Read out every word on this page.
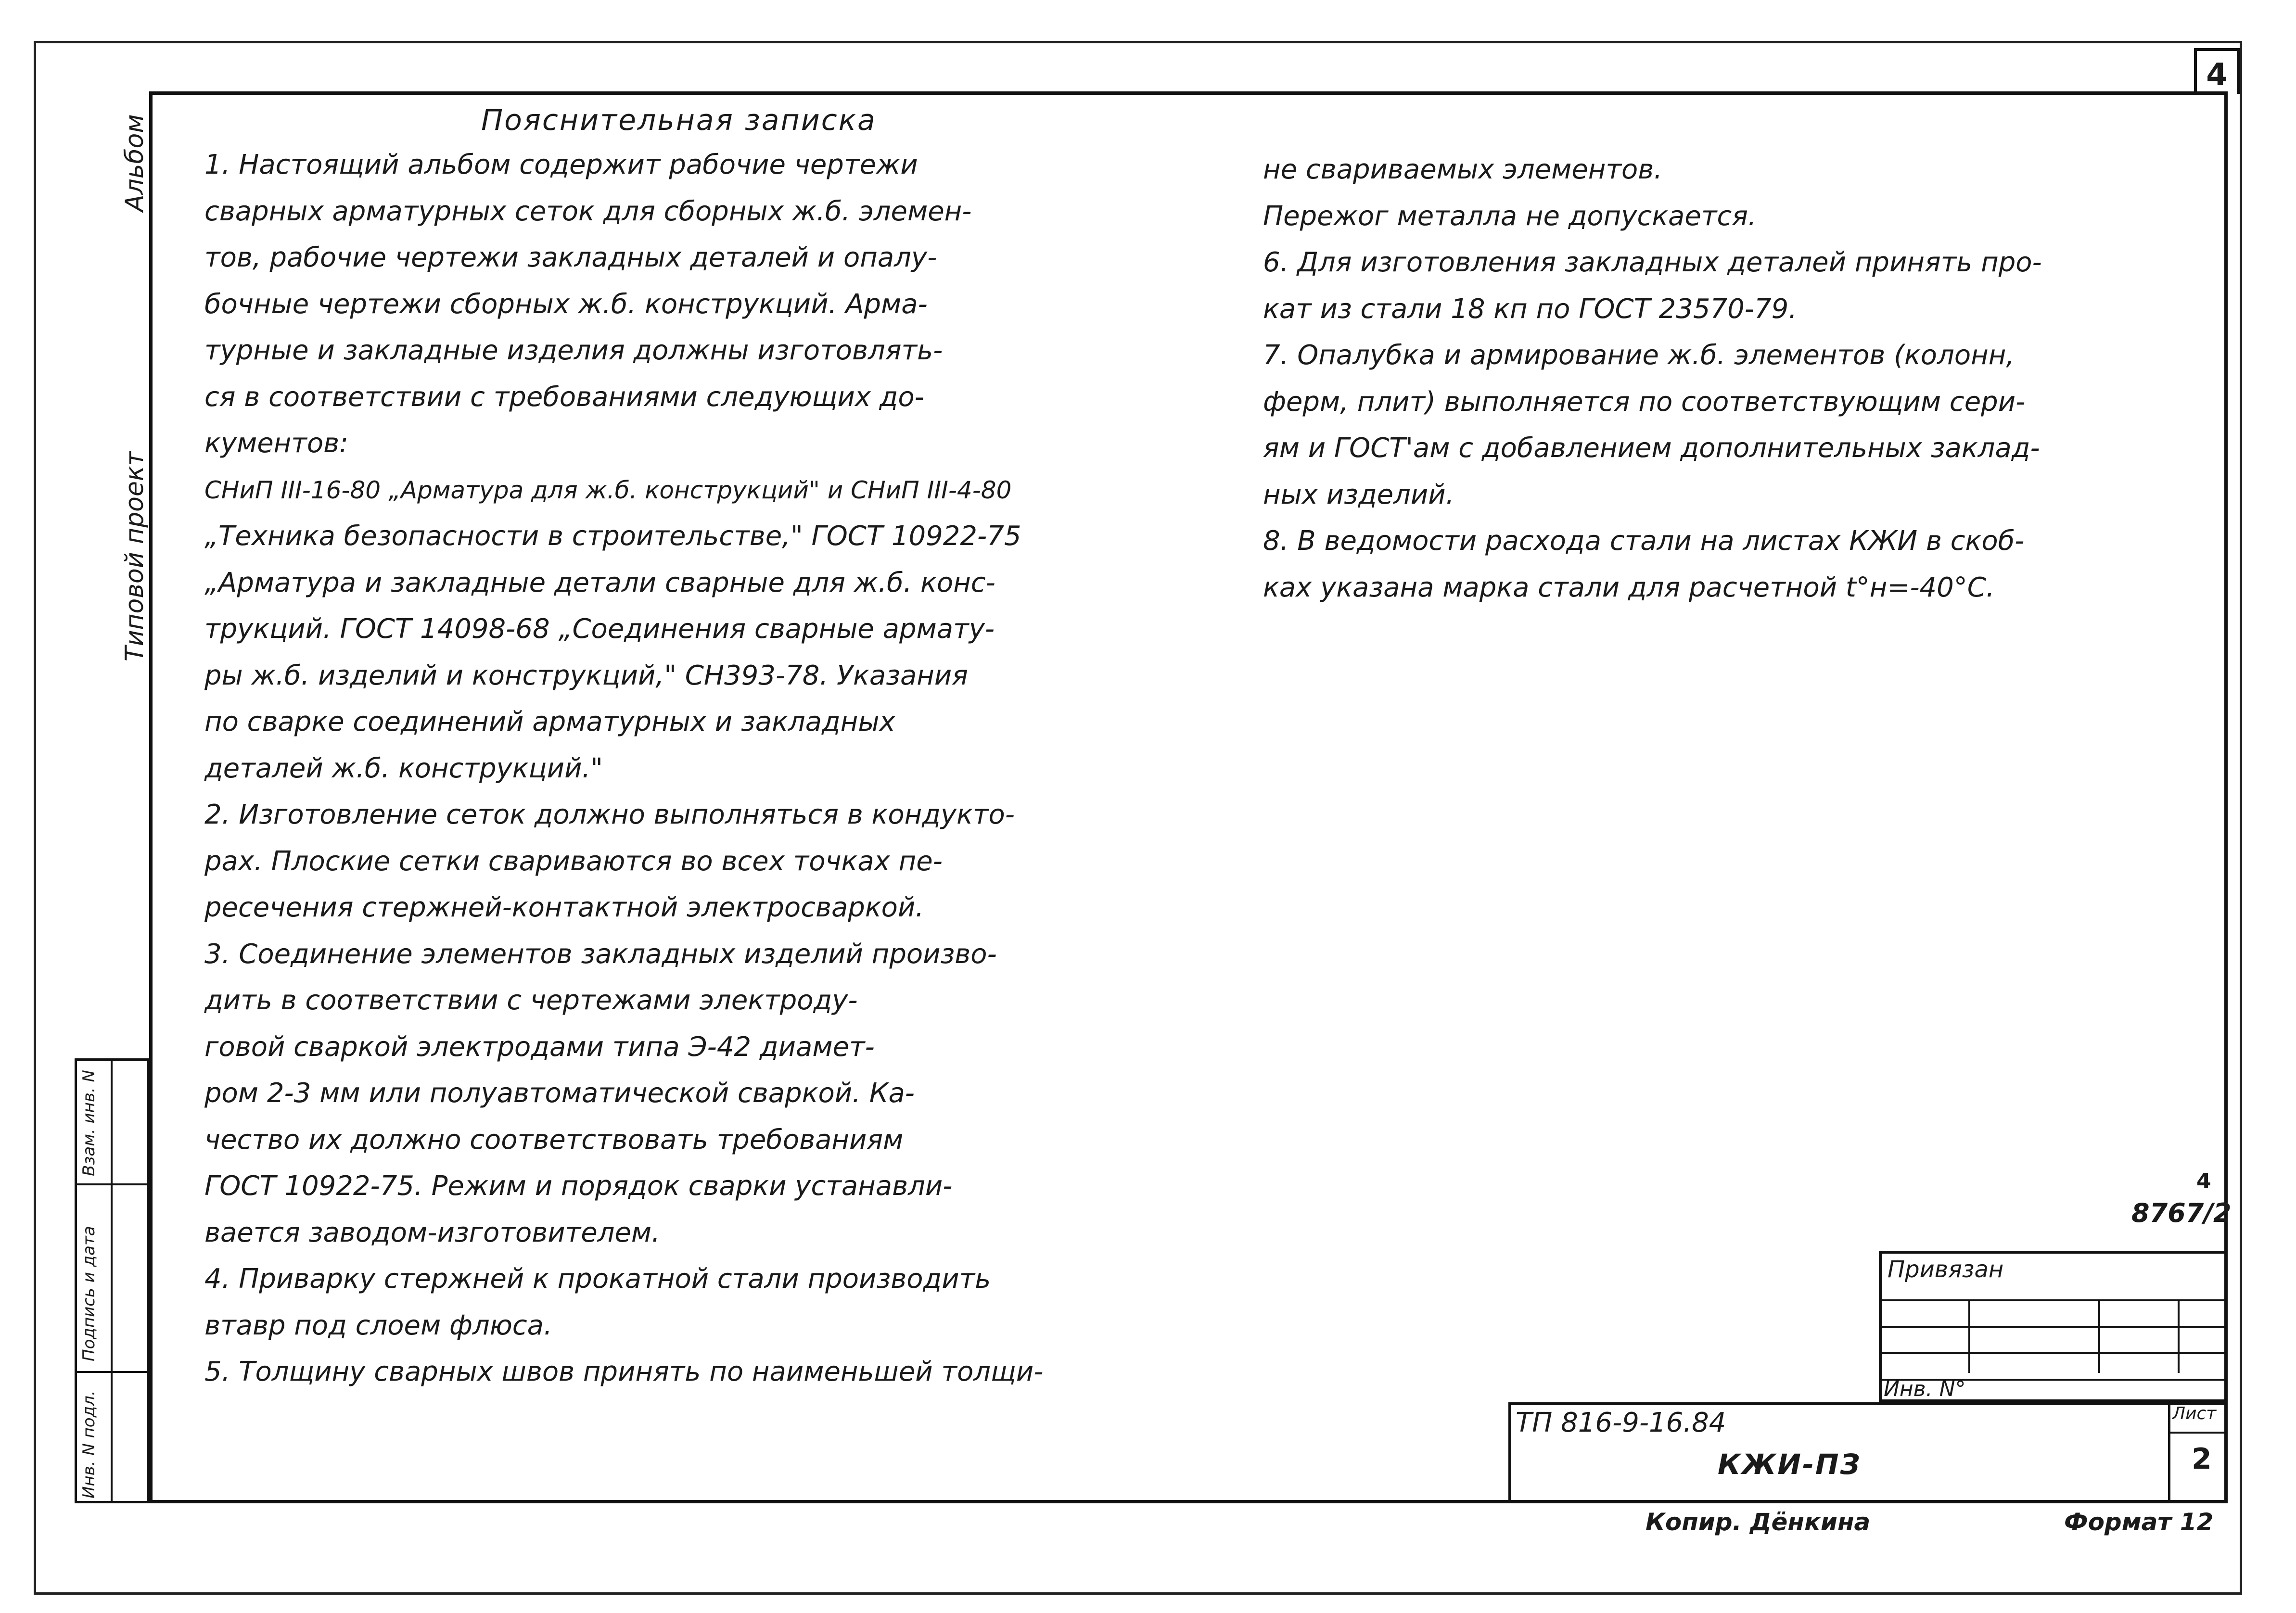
4
Альбом
Типовой проект
Взам. инв. N
Подпись и дата
Инв. N подл.
Пояснительная записка
1. Настоящий альбом содержит рабочие чертежи
сварных арматурных сеток для сборных ж.б. элемен-
тов, рабочие чертежи закладных деталей и опалу-
бочные чертежи сборных ж.б. конструкций. Арма-
турные и закладные изделия должны изготовлять-
ся в соответствии с требованиями следующих до-
кументов:
СНиП III-16-80 „Арматура для ж.б. конструкций" и СНиП III-4-80
„Техника безопасности в строительстве," ГОСТ 10922-75
„Арматура и закладные детали сварные для ж.б. конс-
трукций. ГОСТ 14098-68 „Соединения сварные армату-
ры ж.б. изделий и конструкций," СН393-78. Указания
по сварке соединений арматурных и закладных
деталей ж.б. конструкций."
2. Изготовление сеток должно выполняться в кондукто-
рах. Плоские сетки свариваются во всех точках пе-
ресечения стержней-контактной электросваркой.
3. Соединение элементов закладных изделий произво-
дить в соответствии с чертежами электроду-
говой сваркой электродами типа Э-42 диамет-
ром 2-3 мм или полуавтоматической сваркой. Ка-
чество их должно соответствовать требованиям
ГОСТ 10922-75. Режим и порядок сварки устанавли-
вается заводом-изготовителем.
4. Приварку стержней к прокатной стали производить
втавр под слоем флюса.
5. Толщину сварных швов принять по наименьшей толщи-
не свариваемых элементов.
Пережог металла не допускается.
6. Для изготовления закладных деталей принять про-
кат из стали 18 кп по ГОСТ 23570-79.
7. Опалубка и армирование ж.б. элементов (колонн,
ферм, плит) выполняется по соответствующим сери-
ям и ГОСТ'ам с добавлением дополнительных заклад-
ных изделий.
8. В ведомости расхода стали на листах КЖИ в скоб-
ках указана марка стали для расчетной t°н=-40°С.
4
8767/2
Привязан
Инв. N°
ТП 816-9-16.84
КЖИ-ПЗ
Лист
2
Копир. Дёнкина	Формат 12
